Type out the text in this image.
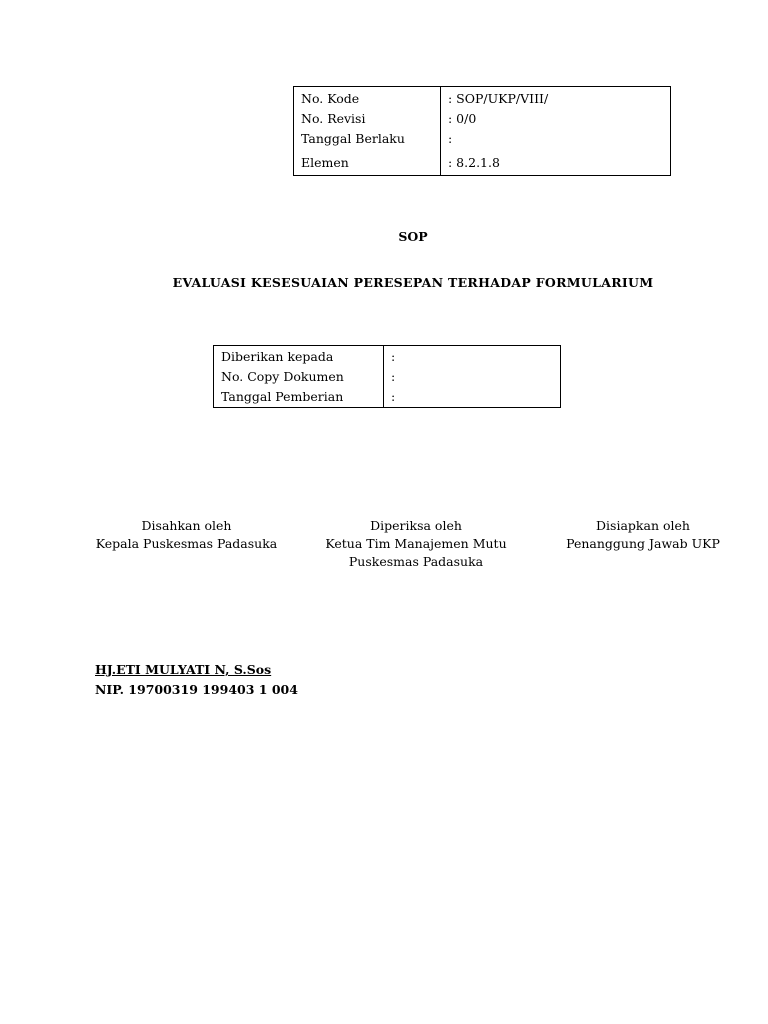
No. Kode	: SOP/UKP/VIII/
No. Revisi	: 0/0
Tanggal Berlaku	:
Elemen	: 8.2.1.8
SOP
EVALUASI KESESUAIAN PERESEPAN TERHADAP FORMULARIUM
Diberikan kepada	:
No. Copy Dokumen	:
Tanggal Pemberian	:
Disahkan oleh
Kepala Puskesmas Padasuka
Diperiksa oleh
Ketua Tim Manajemen Mutu
Puskesmas Padasuka
Disiapkan oleh
Penanggung Jawab UKP
HJ.ETI MULYATI N, S.Sos
NIP. 19700319 199403 1 004
